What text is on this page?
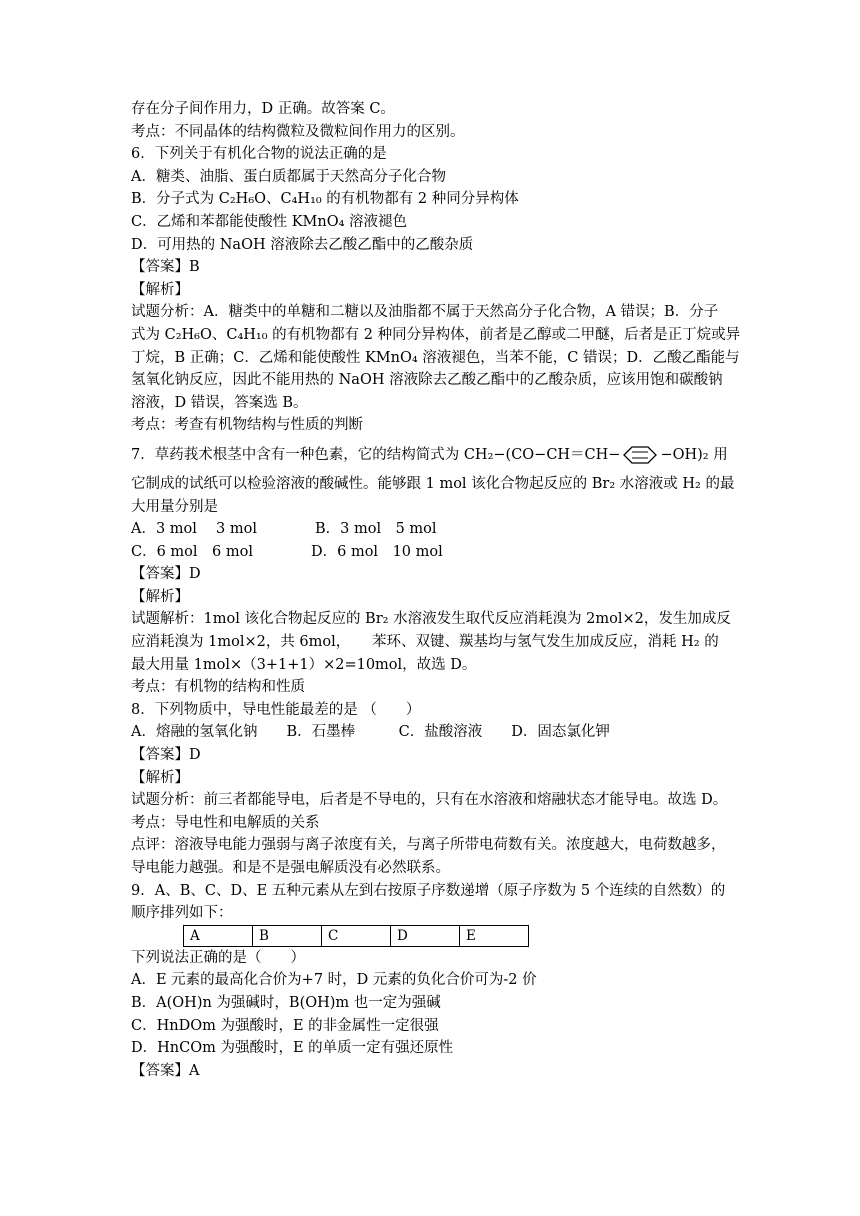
存在分子间作用力，D 正确。故答案 C。
考点：不同晶体的结构微粒及微粒间作用力的区别。
6．下列关于有机化合物的说法正确的是
A．糖类、油脂、蛋白质都属于天然高分子化合物
B．分子式为 C₂H₆O、C₄H₁₀ 的有机物都有 2 种同分异构体
C．乙烯和苯都能使酸性 KMnO₄ 溶液褪色
D．可用热的 NaOH 溶液除去乙酸乙酯中的乙酸杂质
【答案】B
【解析】
试题分析：A．糖类中的单糖和二糖以及油脂都不属于天然高分子化合物，A 错误；B．分子
式为 C₂H₆O、C₄H₁₀ 的有机物都有 2 种同分异构体，前者是乙醇或二甲醚，后者是正丁烷或异
丁烷，B 正确；C．乙烯和能使酸性 KMnO₄ 溶液褪色，当苯不能，C 错误；D．乙酸乙酯能与
氢氧化钠反应，因此不能用热的 NaOH 溶液除去乙酸乙酯中的乙酸杂质，应该用饱和碳酸钠
溶液，D 错误，答案选 B。
考点：考查有机物结构与性质的判断
7．草药莪术根茎中含有一种色素，它的结构简式为 CH₂−(CO−CH＝CH−	−OH)₂ 用
它制成的试纸可以检验溶液的酸碱性。能够跟 1 mol 该化合物起反应的 Br₂ 水溶液或 H₂ 的最
大用量分别是
A．3 mol　 3 mol　　　　B．3 mol　5 mol
C．6 mol　6 mol　　　　D．6 mol　10 mol
【答案】D
【解析】
试题解析：1mol 该化合物起反应的 Br₂ 水溶液发生取代反应消耗溴为 2mol×2，发生加成反
应消耗溴为 1mol×2，共 6mol，　　苯环、双键、羰基均与氢气发生加成反应，消耗 H₂ 的
最大用量 1mol×（3+1+1）×2=10mol，故选 D。
考点：有机物的结构和性质
8．下列物质中，导电性能最差的是 （　　）
A．熔融的氢氧化钠　　B．石墨棒　　　C．盐酸溶液　　D．固态氯化钾
【答案】D
【解析】
试题分析：前三者都能导电，后者是不导电的，只有在水溶液和熔融状态才能导电。故选 D。
考点：导电性和电解质的关系
点评：溶液导电能力强弱与离子浓度有关，与离子所带电荷数有关。浓度越大，电荷数越多，
导电能力越强。和是不是强电解质没有必然联系。
9．A、B、C、D、E 五种元素从左到右按原子序数递增（原子序数为 5 个连续的自然数）的
顺序排列如下：
A	B	C	D	E
下列说法正确的是（　　）
A．E 元素的最高化合价为+7 时，D 元素的负化合价可为-2 价
B．A(OH)n 为强碱时，B(OH)m 也一定为强碱
C．HnDOm 为强酸时，E 的非金属性一定很强
D．HnCOm 为强酸时，E 的单质一定有强还原性
【答案】A
